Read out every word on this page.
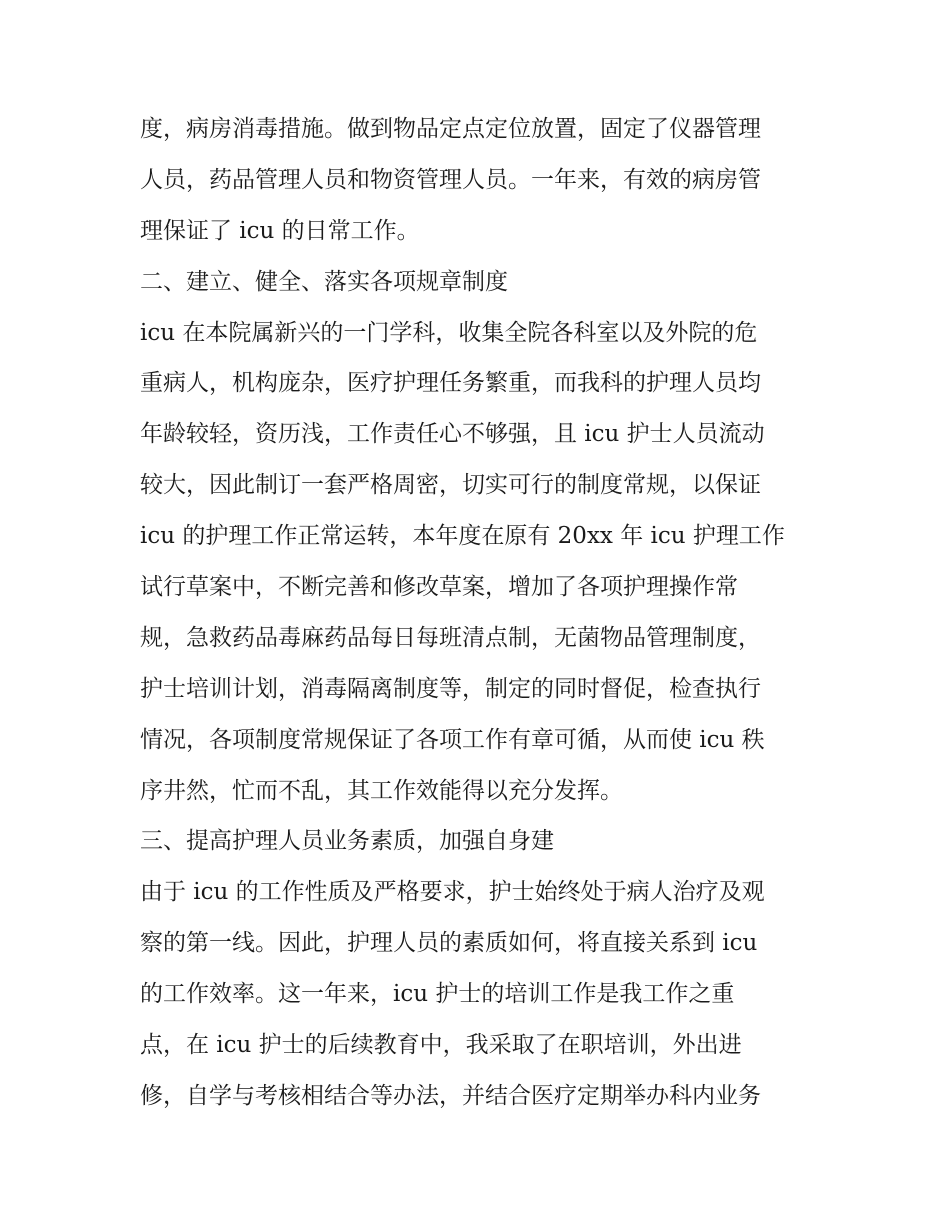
度，病房消毒措施。做到物品定点定位放置，固定了仪器管理
人员，药品管理人员和物资管理人员。一年来，有效的病房管
理保证了 icu 的日常工作。
二、建立、健全、落实各项规章制度
icu 在本院属新兴的一门学科，收集全院各科室以及外院的危
重病人，机构庞杂，医疗护理任务繁重，而我科的护理人员均
年龄较轻，资历浅，工作责任心不够强，且 icu 护士人员流动
较大，因此制订一套严格周密，切实可行的制度常规，以保证
icu 的护理工作正常运转，本年度在原有 20xx 年 icu 护理工作
试行草案中，不断完善和修改草案，增加了各项护理操作常
规，急救药品毒麻药品每日每班清点制，无菌物品管理制度，
护士培训计划，消毒隔离制度等，制定的同时督促，检查执行
情况，各项制度常规保证了各项工作有章可循，从而使 icu 秩
序井然，忙而不乱，其工作效能得以充分发挥。
三、提高护理人员业务素质，加强自身建
由于 icu 的工作性质及严格要求，护士始终处于病人治疗及观
察的第一线。因此，护理人员的素质如何，将直接关系到 icu
的工作效率。这一年来，icu 护士的培训工作是我工作之重
点，在 icu 护士的后续教育中，我采取了在职培训，外出进
修，自学与考核相结合等办法，并结合医疗定期举办科内业务
